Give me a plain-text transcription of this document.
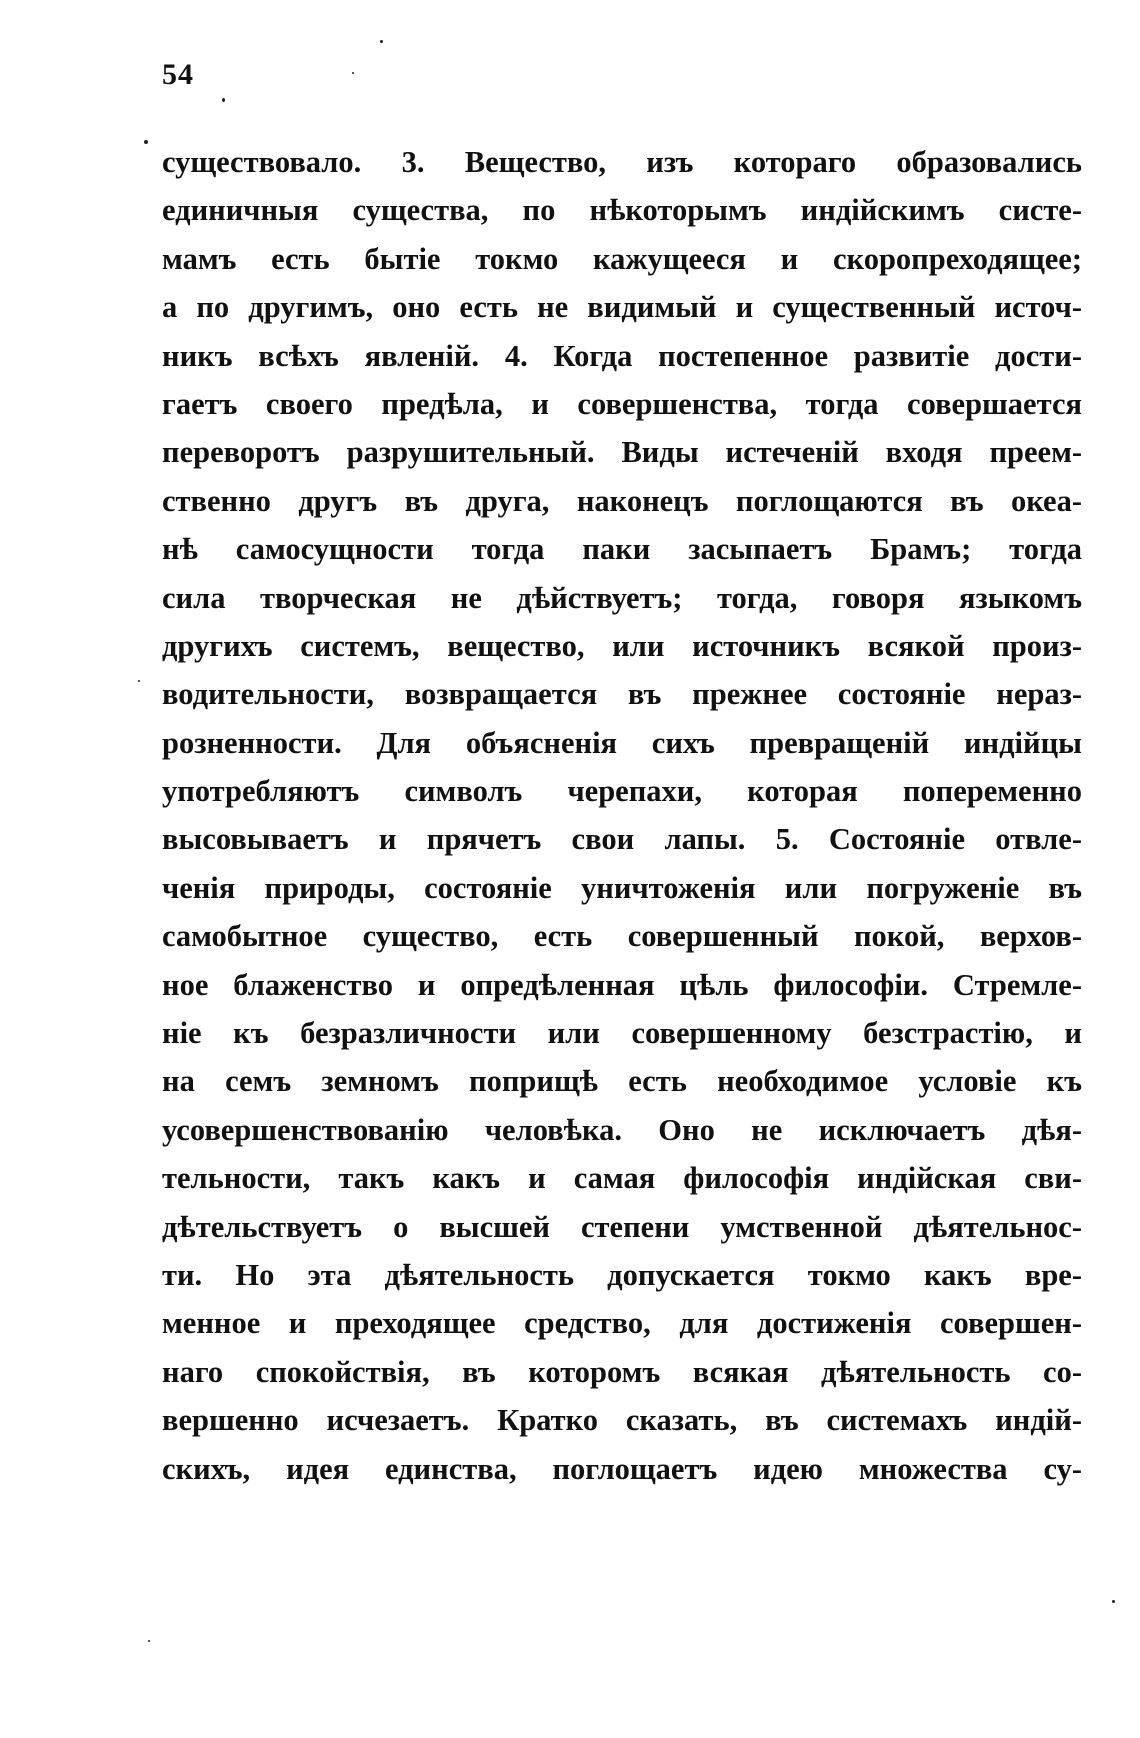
54
существовало. 3. Вещество, изъ котораго образовались
единичныя существа, по нѣкоторымъ индійскимъ систе-
мамъ есть бытіе токмо кажущееся и скоропреходящее;
а по другимъ, оно есть не видимый и существенный источ-
никъ всѣхъ явленій. 4. Когда постепенное развитіе дости-
гаетъ своего предѣла, и совершенства, тогда совершается
переворотъ разрушительный. Виды истеченій входя преем-
ственно другъ въ друга, наконецъ поглощаются въ океа-
нѣ самосущности тогда паки засыпаетъ Брамъ; тогда
сила творческая не дѣйствуетъ; тогда, говоря языкомъ
другихъ системъ, вещество, или источникъ всякой произ-
водительности, возвращается въ прежнее состояніе нераз-
розненности. Для объясненія сихъ превращеній индійцы
употребляютъ символъ черепахи, которая попеременно
высовываетъ и прячетъ свои лапы. 5. Состояніе отвле-
ченія природы, состояніе уничтоженія или погруженіе въ
самобытное существо, есть совершенный покой, верхов-
ное блаженство и опредѣленная цѣль философіи. Стремле-
ніе къ безразличности или совершенному безстрастію, и
на семъ земномъ поприщѣ есть необходимое условіе къ
усовершенствованію человѣка. Оно не исключаетъ дѣя-
тельности, такъ какъ и самая философія индійская сви-
дѣтельствуетъ о высшей степени умственной дѣятельнос-
ти. Но эта дѣятельность допускается токмо какъ вре-
менное и преходящее средство, для достиженія совершен-
наго спокойствія, въ которомъ всякая дѣятельность со-
вершенно исчезаетъ. Кратко сказать, въ системахъ индій-
скихъ, идея единства, поглощаетъ идею множества су-
